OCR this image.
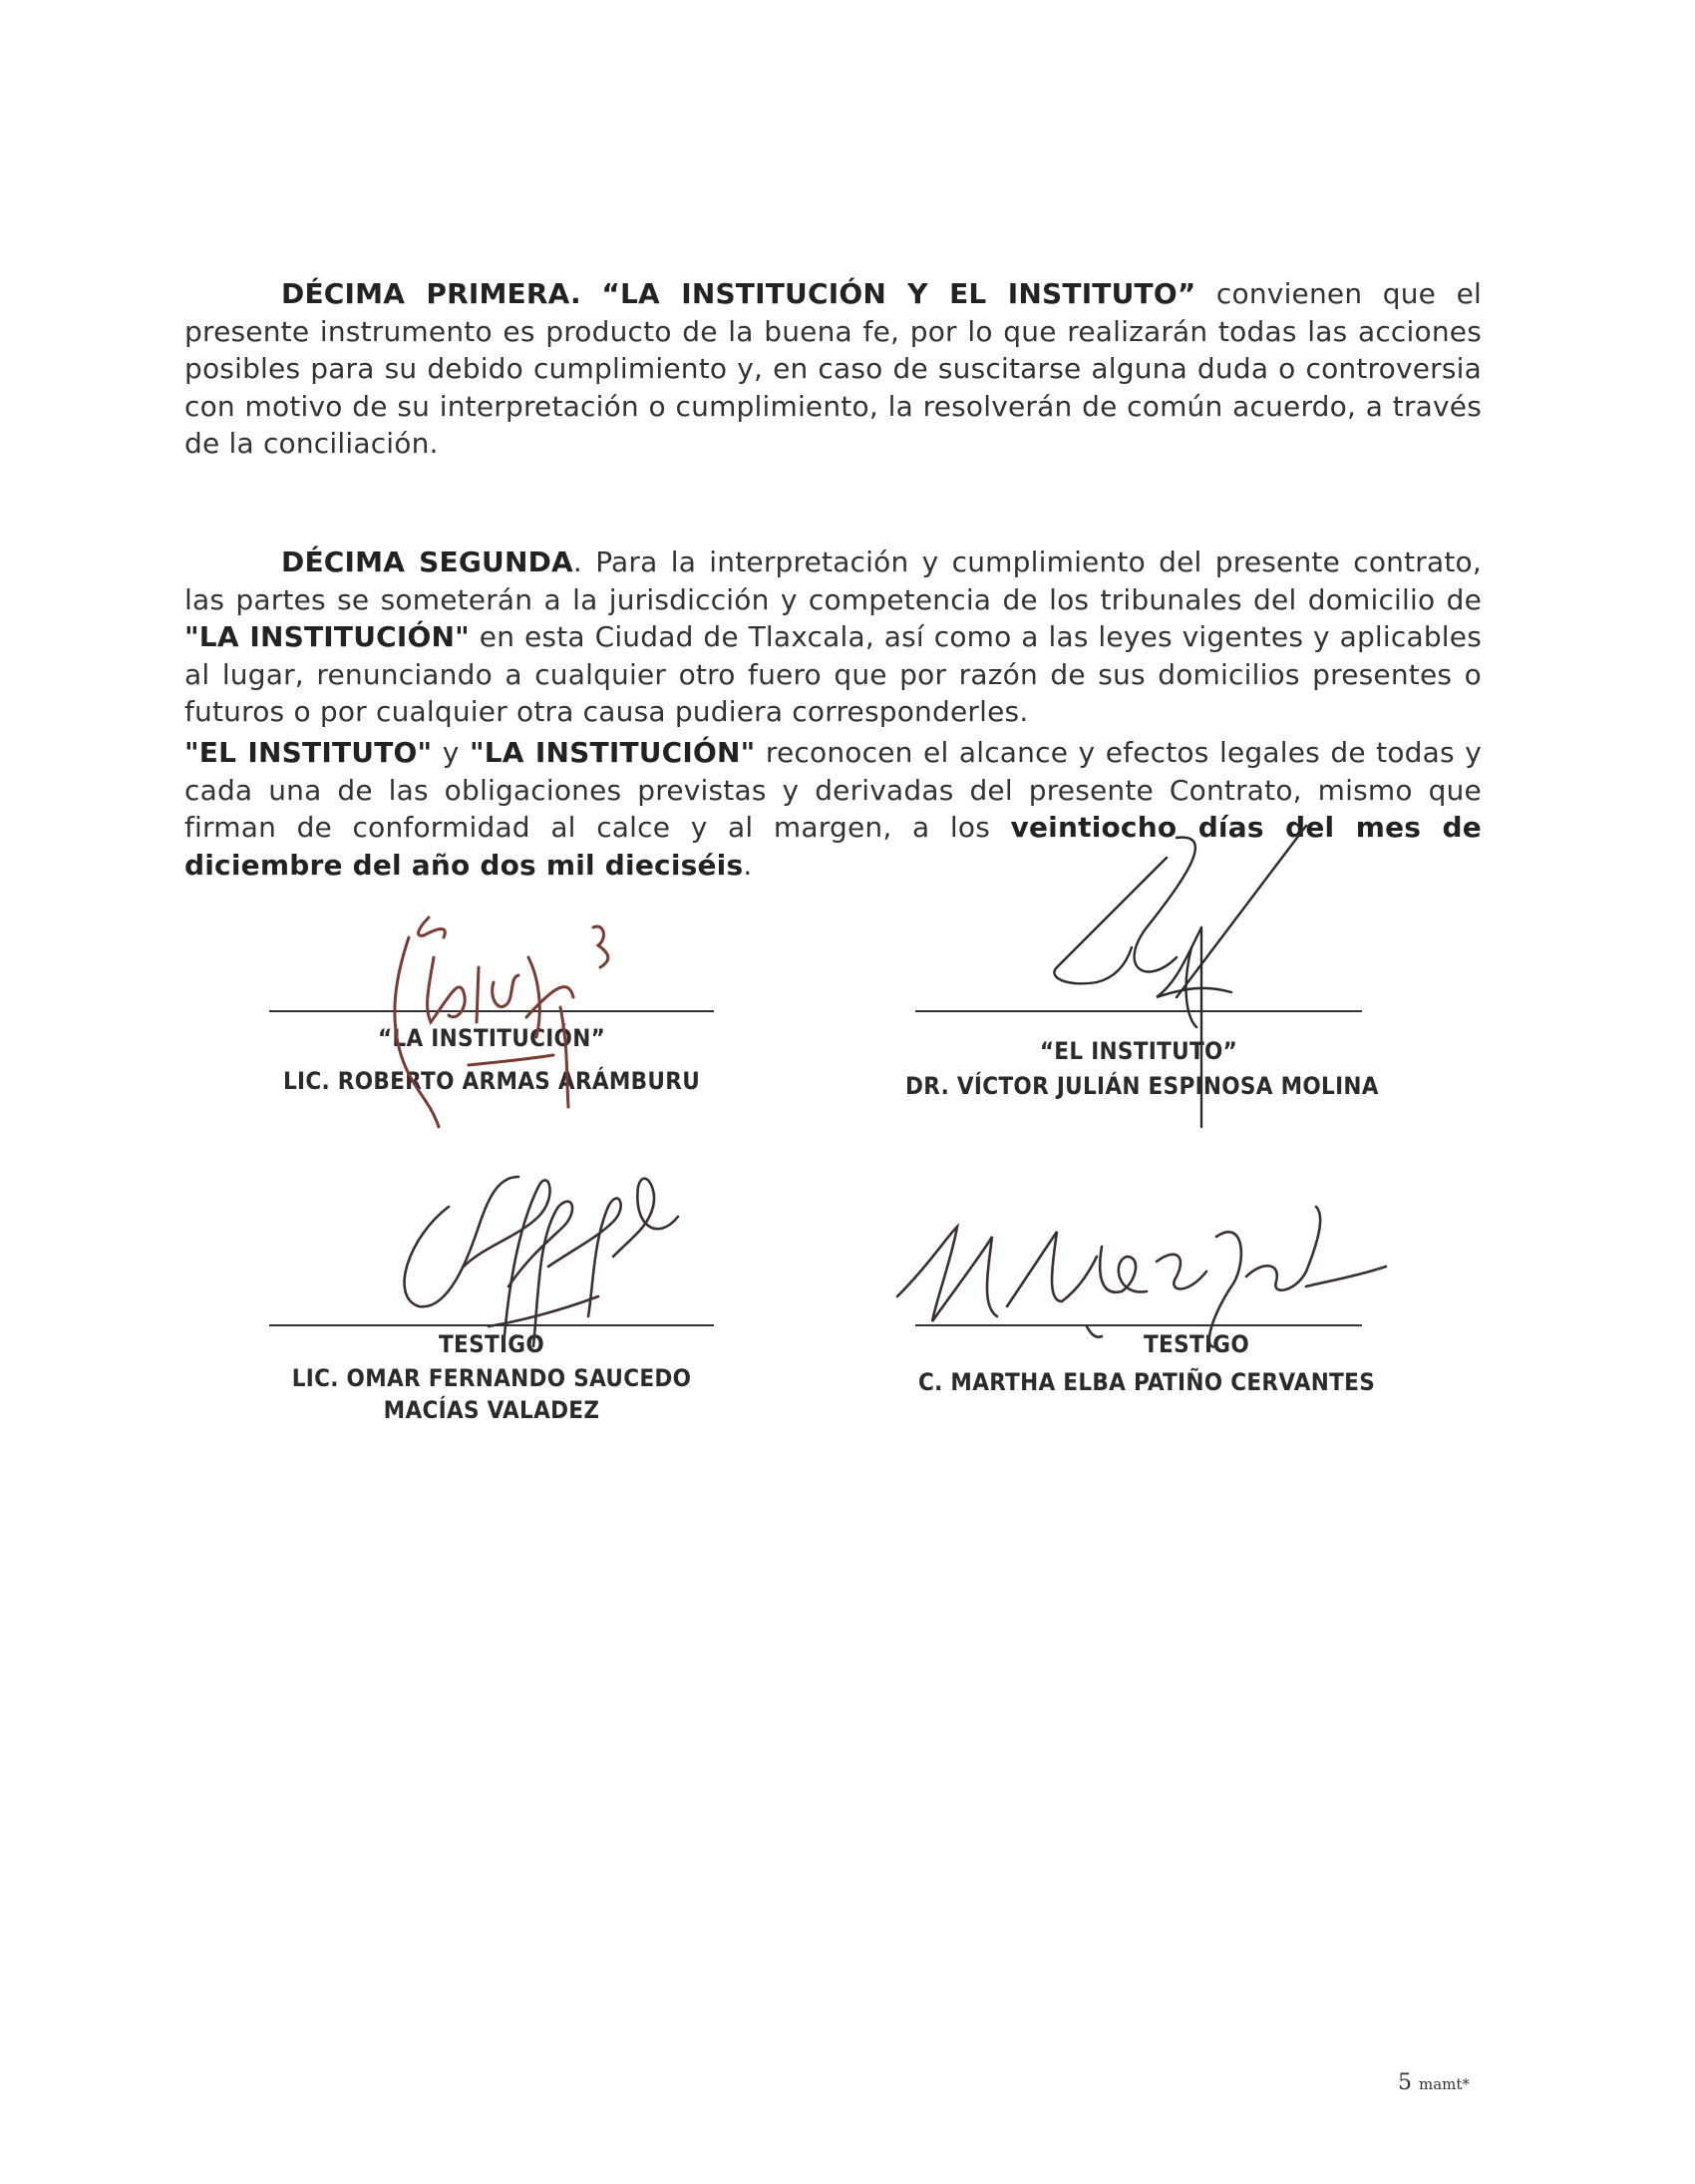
DÉCIMA PRIMERA. “LA INSTITUCIÓN Y EL INSTITUTO” convienen que el presente instrumento es producto de la buena fe, por lo que realizarán todas las acciones posibles para su debido cumplimiento y, en caso de suscitarse alguna duda o controversia con motivo de su interpretación o cumplimiento, la resolverán de común acuerdo, a través de la conciliación.

DÉCIMA SEGUNDA. Para la interpretación y cumplimiento del presente contrato, las partes se someterán a la jurisdicción y competencia de los tribunales del domicilio de "LA INSTITUCIÓN" en esta Ciudad de Tlaxcala, así como a las leyes vigentes y aplicables al lugar, renunciando a cualquier otro fuero que por razón de sus domicilios presentes o futuros o por cualquier otra causa pudiera corresponderles.

"EL INSTITUTO" y "LA INSTITUCIÓN" reconocen el alcance y efectos legales de todas y cada una de las obligaciones previstas y derivadas del presente Contrato, mismo que firman de conformidad al calce y al margen, a los veintiocho días del mes de diciembre del año dos mil dieciséis.

“LA INSTITUCIÓN”
LIC. ROBERTO ARMAS ARÁMBURU
“EL INSTITUTO”
DR. VÍCTOR JULIÁN ESPINOSA MOLINA
TESTIGO
LIC. OMAR FERNANDO SAUCEDO
MACÍAS VALADEZ
TESTIGO
C. MARTHA ELBA PATIÑO CERVANTES
5 mamt*
